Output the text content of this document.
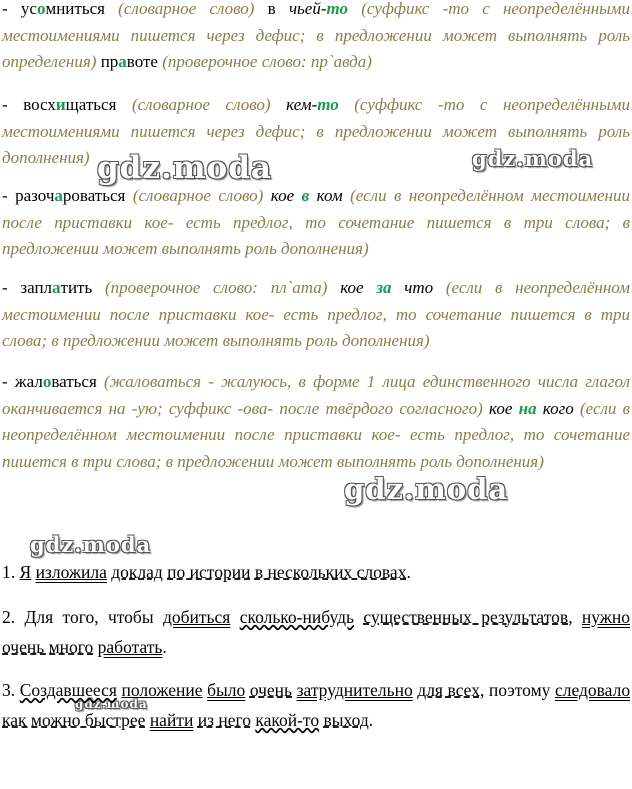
- усомниться (словарное слово) в чьей-то (суффикс -то с неопределёнными местоимениями пишется через дефис; в предложении может выполнять роль определения) правоте (проверочное слово: пр`авда)
- восхищаться (словарное слово) кем-то (суффикс -то с неопределёнными местоимениями пишется через дефис; в предложении может выполнять роль дополнения)
- разочароваться (словарное слово) кое в ком (если в неопределённом местоимении после приставки кое- есть предлог, то сочетание пишется в три слова; в предложении может выполнять роль дополнения)
- заплатить (проверочное слово: пл`ата) кое за что (если в неопределённом местоимении после приставки кое- есть предлог, то сочетание пишется в три слова; в предложении может выполнять роль дополнения)
- жаловаться (жаловаться - жалуюсь, в форме 1 лица единственного числа глагол оканчивается на -ую; суффикс -ова- после твёрдого согласного) кое на кого (если в неопределённом местоимении после приставки кое- есть предлог, то сочетание пишется в три слова; в предложении может выполнять роль дополнения)
gdz.moda	gdz.moda
gdz.moda
gdz.moda
gdz.moda
1. Я изложила доклад по истории в нескольких словах.
2. Для того, чтобы добиться сколько-нибудь существенных результатов, нужно очень много работать.
3. Создавшееся положение было очень затруднительно для всех, поэтому следовало как можно быстрее найти из него какой-то выход.
